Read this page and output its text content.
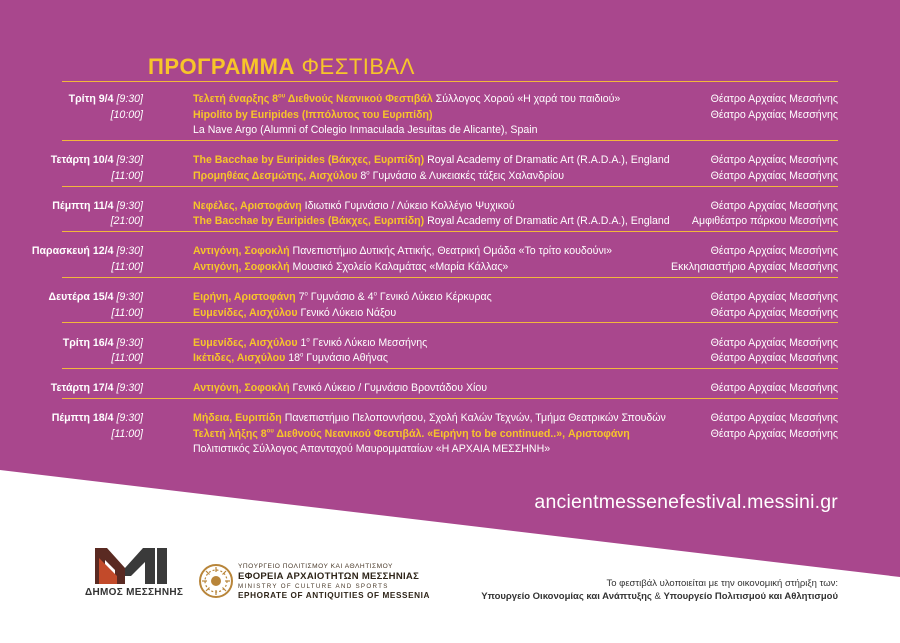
ΠΡΟΓΡΑΜΜΑ ΦΕΣΤΙΒΑΛ
Τρίτη 9/4 [9:30]	Τελετή έναρξης $8^{o\upsilon}$ Διεθνούς Νεανικού Φεστιβάλ Σύλλογος Χορού «Η χαρά του παιδιού»	Θέατρο Αρχαίας Μεσσήνης
[10:00]	Hipolito by Euripides (Ιππόλυτος του Ευριπίδη)	Θέατρο Αρχαίας Μεσσήνης
La Nave Argo (Alumni of Colegio Inmaculada Jesuitas de Alicante), Spain
Τετάρτη 10/4 [9:30]	The Bacchae by Euripides (Βάκχες, Ευριπίδη) Royal Academy of Dramatic Art (R.A.D.A.), England	Θέατρο Αρχαίας Μεσσήνης
[11:00]	Προμηθέας Δεσμώτης, Αισχύλου $8^o$ Γυμνάσιο & Λυκειακές τάξεις Χαλανδρίου	Θέατρο Αρχαίας Μεσσήνης
Πέμπτη 11/4 [9:30]	Νεφέλες, Αριστοφάνη Ιδιωτικό Γυμνάσιο / Λύκειο Κολλέγιο Ψυχικού	Θέατρο Αρχαίας Μεσσήνης
[21:00]	The Bacchae by Euripides (Βάκχες, Ευριπίδη) Royal Academy of Dramatic Art (R.A.D.A.), England	Αμφιθέατρο πάρκου Μεσσήνης
Παρασκευή 12/4 [9:30]	Αντιγόνη, Σοφοκλή Πανεπιστήμιο Δυτικής Αττικής, Θεατρική Ομάδα «Το τρίτο κουδούνι»	Θέατρο Αρχαίας Μεσσήνης
[11:00]	Αντιγόνη, Σοφοκλή Μουσικό Σχολείο Καλαμάτας «Μαρία Κάλλας»	Εκκλησιαστήριο Αρχαίας Μεσσήνης
Δευτέρα 15/4 [9:30]	Ειρήνη, Αριστοφάνη $7^o$ Γυμνάσιο & $4^o$ Γενικό Λύκειο Κέρκυρας	Θέατρο Αρχαίας Μεσσήνης
[11:00]	Ευμενίδες, Αισχύλου Γενικό Λύκειο Νάξου	Θέατρο Αρχαίας Μεσσήνης
Τρίτη 16/4 [9:30]	Ευμενίδες, Αισχύλου $1^o$ Γενικό Λύκειο Μεσσήνης	Θέατρο Αρχαίας Μεσσήνης
[11:00]	Ικέτιδες, Αισχύλου $18^o$ Γυμνάσιο Αθήνας	Θέατρο Αρχαίας Μεσσήνης
Τετάρτη 17/4 [9:30]	Αντιγόνη, Σοφοκλή Γενικό Λύκειο / Γυμνάσιο Βροντάδου Χίου	Θέατρο Αρχαίας Μεσσήνης
Πέμπτη 18/4 [9:30]	Μήδεια, Ευριπίδη Πανεπιστήμιο Πελοποννήσου, Σχολή Καλών Τεχνών, Τμήμα Θεατρικών Σπουδών	Θέατρο Αρχαίας Μεσσήνης
[11:00]	Τελετή λήξης $8^{o\upsilon}$ Διεθνούς Νεανικού Φεστιβάλ. «Ειρήνη to be continued..», Αριστοφάνη	Θέατρο Αρχαίας Μεσσήνης
Πολιτιστικός Σύλλογος Απανταχού Μαυρομματαίων «Η ΑΡΧΑΙΑ ΜΕΣΣΗΝΗ»
ancientmessenefestival.messini.gr
ΔΗΜΟΣ ΜΕΣΣΗΝΗΣ
ΥΠΟΥΡΓΕΙΟ ΠΟΛΙΤΙΣΜΟΥ ΚΑΙ ΑΘΛΗΤΙΣΜΟΥ
ΕΦΟΡΕΙΑ ΑΡΧΑΙΟΤΗΤΩΝ ΜΕΣΣΗΝΙΑΣ
MINISTRY OF CULTURE AND SPORTS
EPHORATE OF ANTIQUITIES OF MESSENIA
Το φεστιβάλ υλοποιείται με την οικονομική στήριξη των:
Υπουργείο Οικονομίας και Ανάπτυξης & Υπουργείο Πολιτισμού και Αθλητισμού
